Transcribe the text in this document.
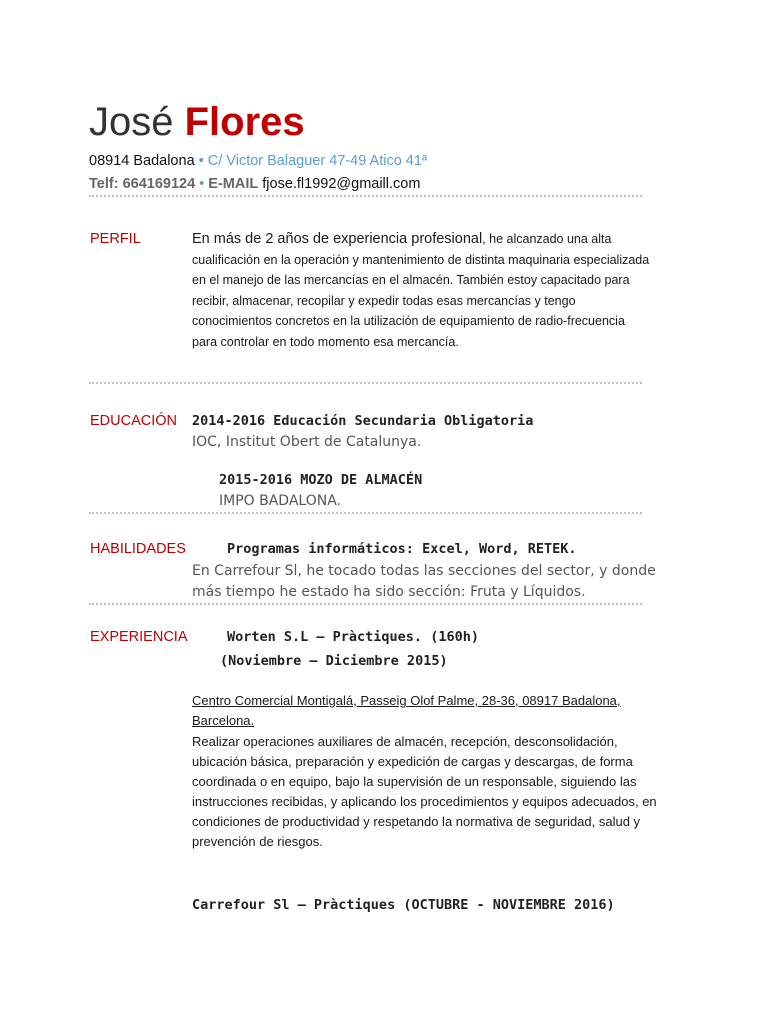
José Flores
08914 Badalona • C/ Victor Balaguer 47-49 Atico 41ª
Telf: 664169124 • E-MAIL fjose.fl1992@gmaill.com
PERFIL	En más de 2 años de experiencia profesional, he alcanzado una alta cualificación en la operación y mantenimiento de distinta maquinaria especializada en el manejo de las mercancías en el almacén. También estoy capacitado para recibir, almacenar, recopilar y expedir todas esas mercancías y tengo conocimientos concretos en la utilización de equipamiento de radio-frecuencia para controlar en todo momento esa mercancía.
EDUCACIÓN 2014-2016 Educación Secundaria Obligatoria
IOC, Institut Obert de Catalunya.
2015-2016 MOZO DE ALMACÉN
IMPO BADALONA.
HABILIDADES	Programas informáticos: Excel, Word, RETEK.
En Carrefour Sl, he tocado todas las secciones del sector, y donde más tiempo he estado ha sido sección: Fruta y Líquidos.
EXPERIENCIA	Worten S.L – Pràctiques. (160h)
(Noviembre – Diciembre 2015)
Centro Comercial Montigalá, Passeig Olof Palme, 28-36, 08917 Badalona, Barcelona.
Realizar operaciones auxiliares de almacén, recepción, desconsolidación, ubicación básica, preparación y expedición de cargas y descargas, de forma coordinada o en equipo, bajo la supervisión de un responsable, siguiendo las instrucciones recibidas, y aplicando los procedimientos y equipos adecuados, en condiciones de productividad y respetando la normativa de seguridad, salud y prevención de riesgos.
Carrefour Sl – Pràctiques (OCTUBRE - NOVIEMBRE 2016)
